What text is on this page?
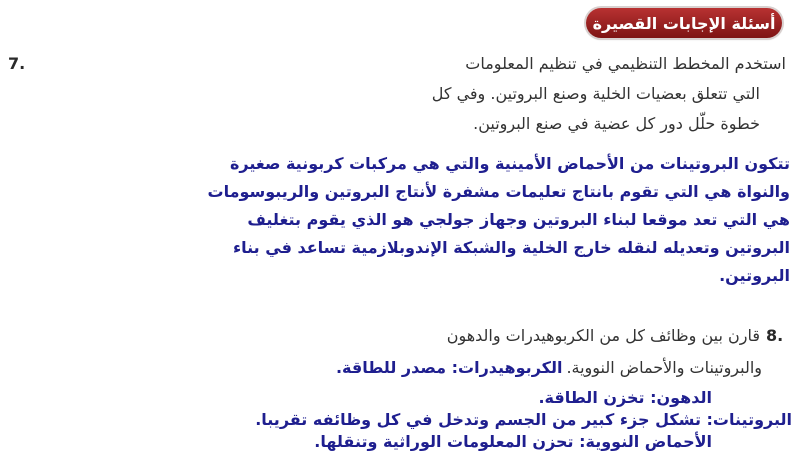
أسئلة الإجابات القصيرة
استخدم المخطط التنظيمي في تنظيم المعلومات
7.
التي تتعلق بعضيات الخلية وصنع البروتين. وفي كل
خطوة حلّل دور كل عضية في صنع البروتين.
تتكون البروتينات من الأحماض الأمينية والتي هي مركبات كربونية صغيرة
والنواة هي التي تقوم بانتاج تعليمات مشفرة لأنتاج البروتين والريبوسومات
هي التي تعد موقعا لبناء البروتين وجهاز جولجي هو الذي يقوم بتغليف
البروتين وتعديله لنقله خارج الخلية والشبكة الإندوبلازمية تساعد في بناء
البروتين.
8.
قارن بين وظائف كل من الكربوهيدرات والدهون
والبروتينات والأحماض النووية.
الكربوهيدرات: مصدر للطاقة.
الدهون: تخزن الطاقة.
البروتينات: تشكل جزء كبير من الجسم وتدخل في كل وظائفه تقريبا.
الأحماض النووية: تحزن المعلومات الوراثية وتنقلها.
